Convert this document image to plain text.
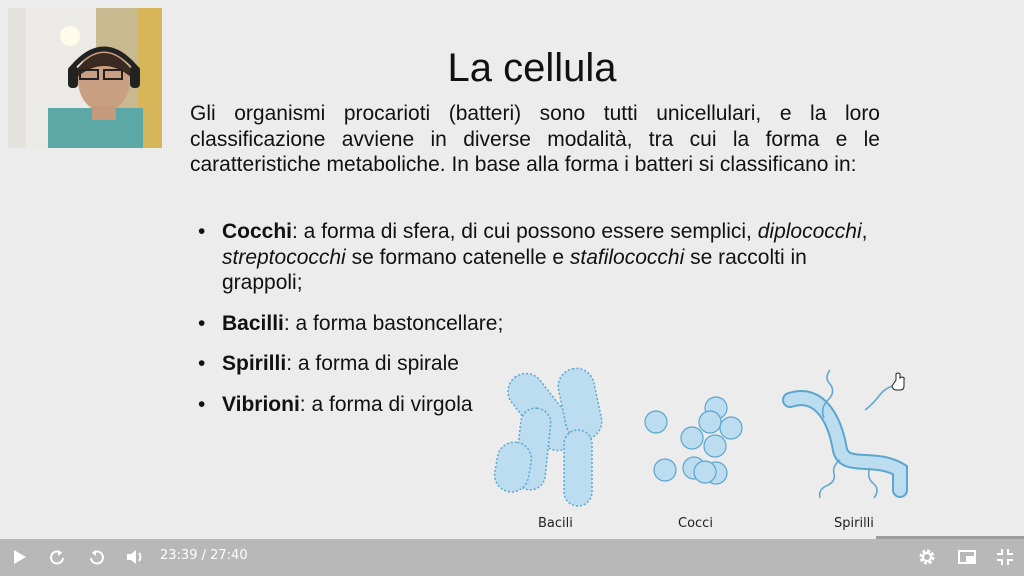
La cellula
Gli organismi procarioti (batteri) sono tutti unicellulari, e la loro classificazione avviene in diverse modalità, tra cui la forma e le caratteristiche metaboliche. In base alla forma i batteri si classificano in:
• Cocchi: a forma di sfera, di cui possono essere semplici, diplococchi, streptococchi se formano catenelle e stafilococchi se raccolti in grappoli;
• Bacilli: a forma bastoncellare;
• Spirilli: a forma di spirale
• Vibrioni: a forma di virgola
Bacili	Cocci	Spirilli
23:39 / 27:40
